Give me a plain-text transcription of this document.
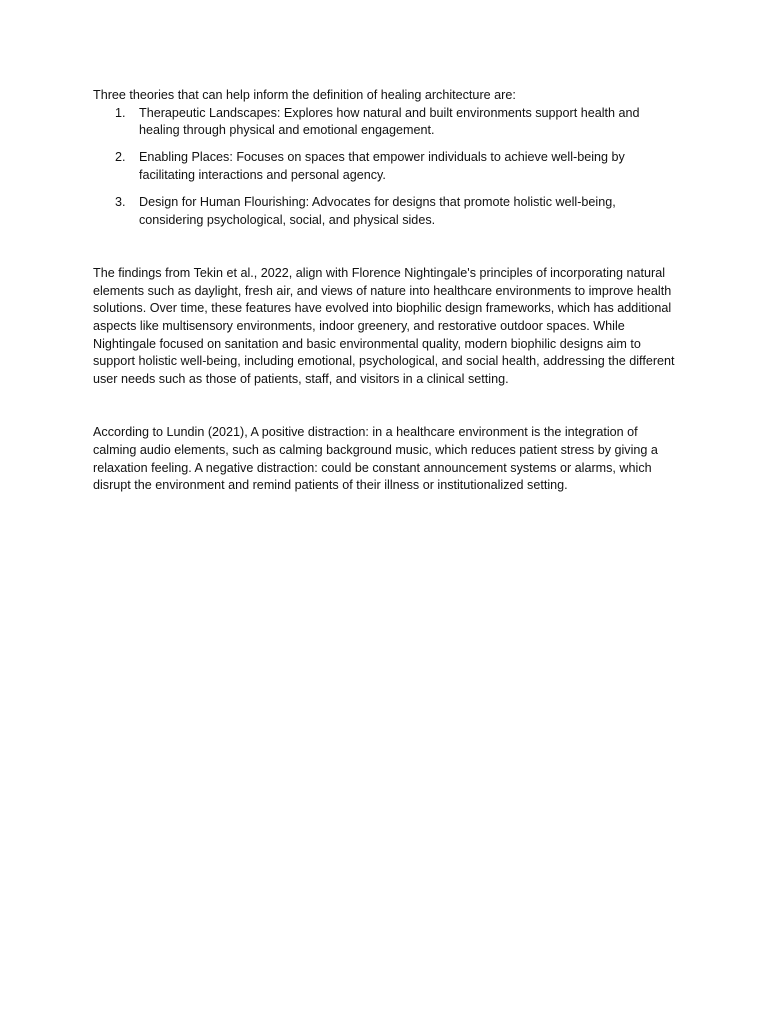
Three theories that can help inform the definition of healing architecture are:

1. Therapeutic Landscapes: Explores how natural and built environments support health and healing through physical and emotional engagement.
2. Enabling Places: Focuses on spaces that empower individuals to achieve well-being by facilitating interactions and personal agency.
3. Design for Human Flourishing: Advocates for designs that promote holistic well-being, considering psychological, social, and physical sides.

The findings from Tekin et al., 2022, align with Florence Nightingale's principles of incorporating natural elements such as daylight, fresh air, and views of nature into healthcare environments to improve health solutions. Over time, these features have evolved into biophilic design frameworks, which has additional aspects like multisensory environments, indoor greenery, and restorative outdoor spaces. While Nightingale focused on sanitation and basic environmental quality, modern biophilic designs aim to support holistic well-being, including emotional, psychological, and social health, addressing the different user needs such as those of patients, staff, and visitors in a clinical setting.

According to Lundin (2021), A positive distraction: in a healthcare environment is the integration of calming audio elements, such as calming background music, which reduces patient stress by giving a relaxation feeling. A negative distraction: could be constant announcement systems or alarms, which disrupt the environment and remind patients of their illness or institutionalized setting.
